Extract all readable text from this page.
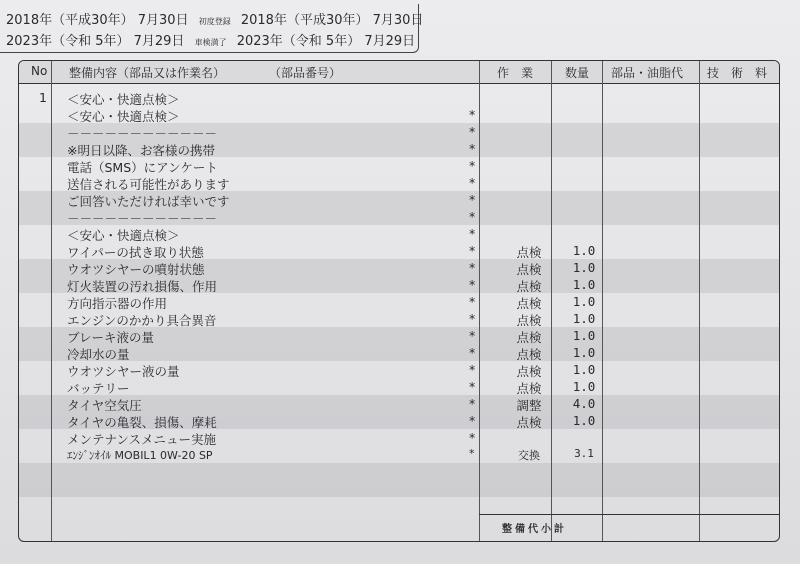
2018年（平成30年） 7月30日 初度登録 2018年（平成30年） 7月30日
2023年（令和 5年） 7月29日 車検満了 2023年（令和 5年） 7月29日
No 整備内容（部品又は作業名）	（部品番号）	作　業	数量 部品・油脂代 技　術　料
1 ＜安心・快適点検＞
＜安心・快適点検＞	*
－－－－－－－－－－－－	*
※明日以降、お客様の携帯	*
電話（SMS）にアンケート	*
送信される可能性があります	*
ご回答いただければ幸いです	*
－－－－－－－－－－－－	*
＜安心・快適点検＞	*
ワイパーの拭き取り状態	*	点検	1.0
ウオツシヤーの噴射状態	*	点検	1.0
灯火装置の汚れ損傷、作用	*	点検	1.0
方向指示器の作用	*	点検	1.0
エンジンのかかり具合異音	*	点検	1.0
ブレーキ液の量	*	点検	1.0
冷却水の量	*	点検	1.0
ウオツシヤー液の量	*	点検	1.0
バッテリー	*	点検	1.0
タイヤ空気圧	*	調整	4.0
タイヤの亀裂、損傷、摩耗	*	点検	1.0
メンテナンスメニュー実施	*
ｴﾝｼﾞﾝｵｲﾙ MOBIL1 0W-20 SP	*	交換	3.1
整備代小計
